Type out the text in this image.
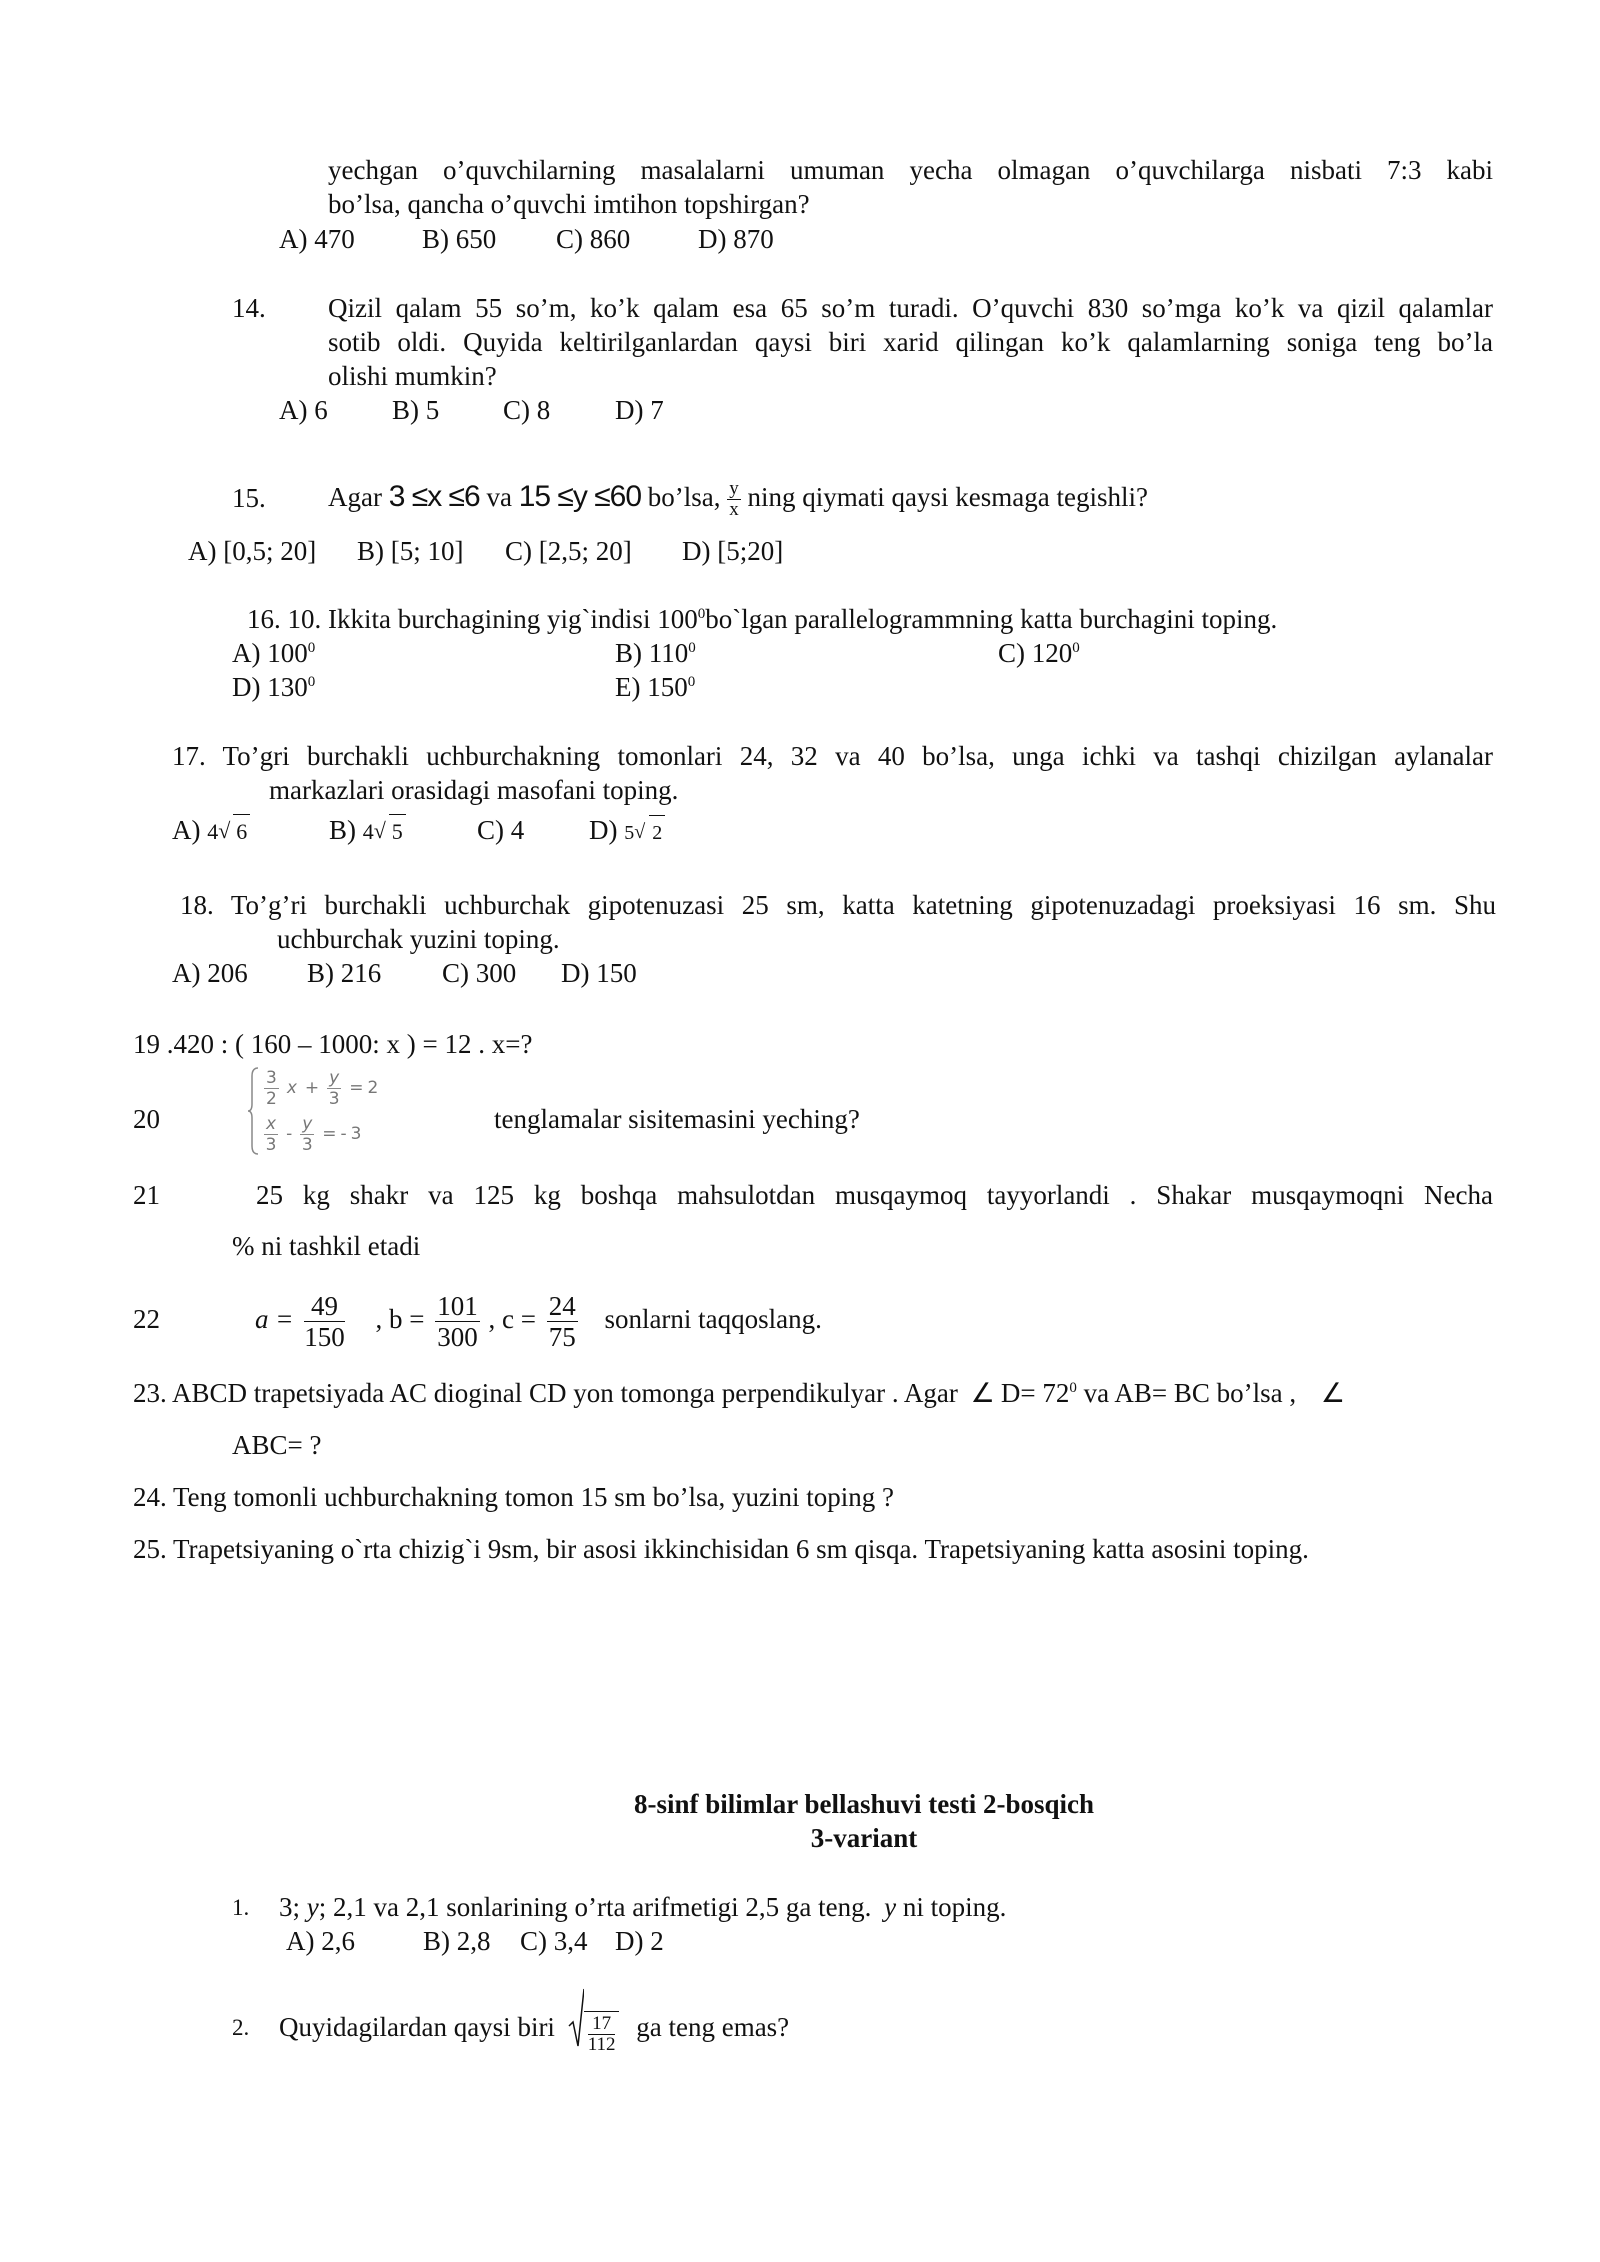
yechgan o’quvchilarning masalalarni umuman yecha olmagan o’quvchilarga nisbati 7:3 kabi
bo’lsa, qancha o’quvchi imtihon topshirgan?
A) 470 B) 650 C) 860	D) 870
14. Qizil qalam 55 so’m, ko’k qalam esa 65 so’m turadi. O’quvchi 830 so’mga ko’k va qizil qalamlar
sotib oldi. Quyida keltirilganlardan qaysi biri xarid qilingan ko’k qalamlarning soniga teng bo’la
olishi mumkin?
A) 6 B) 5 C) 8 D) 7
15. Agar 3 ≤x ≤6 va 15 ≤y ≤60 bo’lsa, $\frac{y}{x}$ ning qiymati qaysi kesmaga tegishli?
A) [0,5; 20] B) [5; 10] C) [2,5; 20] D) [5;20]
16. 10. Ikkita burchagining yig`indisi $100^0bo`lgan$ parallelogrammning katta burchagini toping.
A) $100^0$	B) $110^0$	C) $120^0$
D) $130^0$	E) $150^0$
17. To’gri burchakli uchburchakning tomonlari 24, 32 va 40 bo’lsa, unga ichki va tashqi chizilgan aylanalar
markazlari orasidagi masofani toping.
A) 4 √ 6	B) 4 √ 5	C) 4 D) 5 √ 2
18. To’g’ri burchakli uchburchak gipotenuzasi 25 sm, katta katetning gipotenuzadagi proeksiyasi 16 sm. Shu
uchburchak yuzini toping.
A) 206 B) 216 C) 300 D) 150
19 .420 : ( 160 – 1000: x ) = 12 . x=?
20
$\frac{3}{2}$ $x + \frac{y}{3} =2$
$\frac{x}{3} - \frac{y}{3} =-3$	tenglamalar sisitemasini yeching?
21	25 kg shakr va 125 kg boshqa mahsulotdan musqaymoq tayyorlandi . Shakar musqaymoqni Necha
% ni tashkil etadi
22	$a = \frac{49}{150}$ , $b = \frac{101}{300}$ , $c = \frac{24}{75}$ sonlarni taqqoslang.
23. ABCD trapetsiyada AC dioginal CD yon tomonga perpendikulyar . Agar ∠ $D= 72^0$ va AB= BC bo’lsa , ∠
ABC= ?
24. Teng tomonli uchburchakning tomon 15 sm bo’lsa, yuzini toping ?
25. Trapetsiyaning o`rta chizig`i 9sm, bir asosi ikkinchisidan 6 sm qisqa. Trapetsiyaning katta asosini toping.
8-sinf bilimlar bellashuvi testi 2-bosqich
3-variant
1. 3; y; 2,1 va 2,1 sonlarining o’rta arifmetigi 2,5 ga teng. y ni toping.
A) 2,6	B) 2,8 C) 3,4 D) 2
2. Quyidagilardan qaysi biri $\frac{17}{112}$ ga teng emas?
